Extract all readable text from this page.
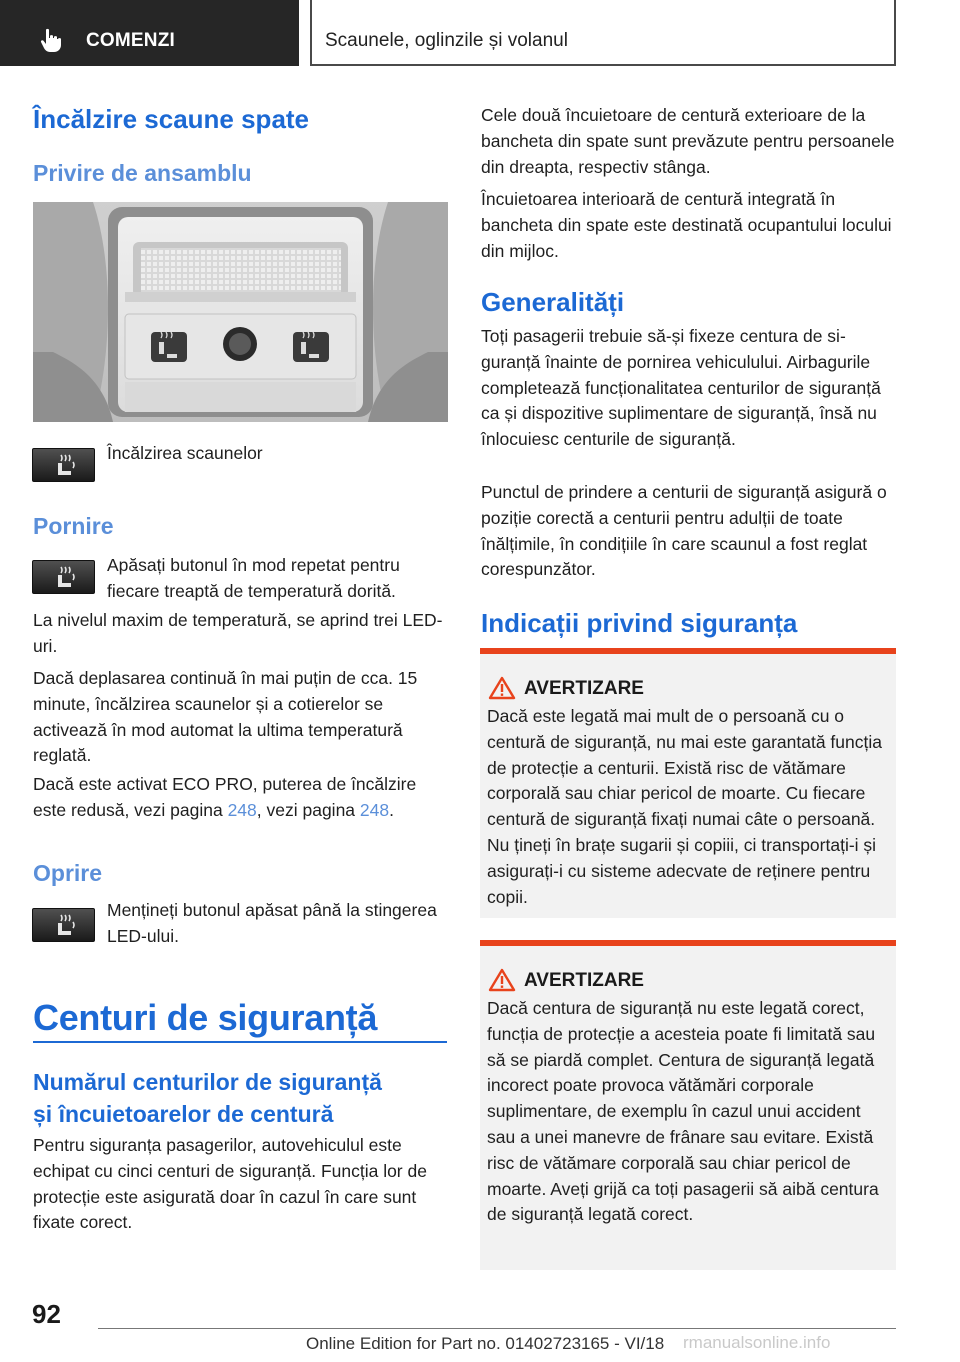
COMENZI	Scaunele, oglinzile și volanul
Încălzire scaune spate
Privire de ansamblu
Încălzirea scaunelor
Pornire
Apăsați butonul în mod repetat pentru fiecare treaptă de temperatură dorită.
La nivelul maxim de temperatură, se aprind trei LED-uri.
Dacă deplasarea continuă în mai puțin de cca. 15 minute, încălzirea scaunelor și a cotierelor se activează în mod automat la ultima temperatură reglată.
Dacă este activat ECO PRO, puterea de încălzire este redusă, vezi pagina 248, vezi pagina 248.
Oprire
Mențineți butonul apăsat până la stingerea LED-ului.
Centuri de siguranță
Numărul centurilor de siguranță
și încuietoarelor de centură
Pentru siguranța pasagerilor, autovehiculul este echipat cu cinci centuri de siguranță. Funcția lor de protecție este asigurată doar în cazul în care sunt fixate corect.
Cele două încuietoare de centură exterioare de la bancheta din spate sunt prevăzute pentru persoanele din dreapta, respectiv stânga.
Încuietoarea interioară de centură integrată în bancheta din spate este destinată ocupantului locului din mijloc.
Generalități
Toți pasagerii trebuie să-și fixeze centura de siguranță înainte de pornirea vehiculului. Airbagurile completează funcționalitatea centurilor de siguranță ca și dispozitive suplimentare de siguranță, însă nu înlocuiesc centurile de siguranță.
Punctul de prindere a centurii de siguranță asigură o poziție corectă a centurii pentru adulții de toate înălțimile, în condițiile în care scaunul a fost reglat corespunzător.
Indicații privind siguranța
AVERTIZARE
Dacă este legată mai mult de o persoană cu o centură de siguranță, nu mai este garantată funcția de protecție a centurii. Există risc de vătămare corporală sau chiar pericol de moarte. Cu fiecare centură de siguranță fixați numai câte o persoană. Nu țineți în brațe sugarii și copiii, ci transportați-i și asigurați-i cu sisteme adecvate de reținere pentru copii.
AVERTIZARE
Dacă centura de siguranță nu este legată corect, funcția de protecție a acesteia poate fi limitată sau să se piardă complet. Centura de siguranță legată incorect poate provoca vătămări corporale suplimentare, de exemplu în cazul unui accident sau a unei manevre de frânare sau evitare. Există risc de vătămare corporală sau chiar pericol de moarte. Aveți grijă ca toți pasagerii să aibă centura de siguranță legată corect.
92
Online Edition for Part no. 01402723165 - VI/18 rmanualsonline.info
